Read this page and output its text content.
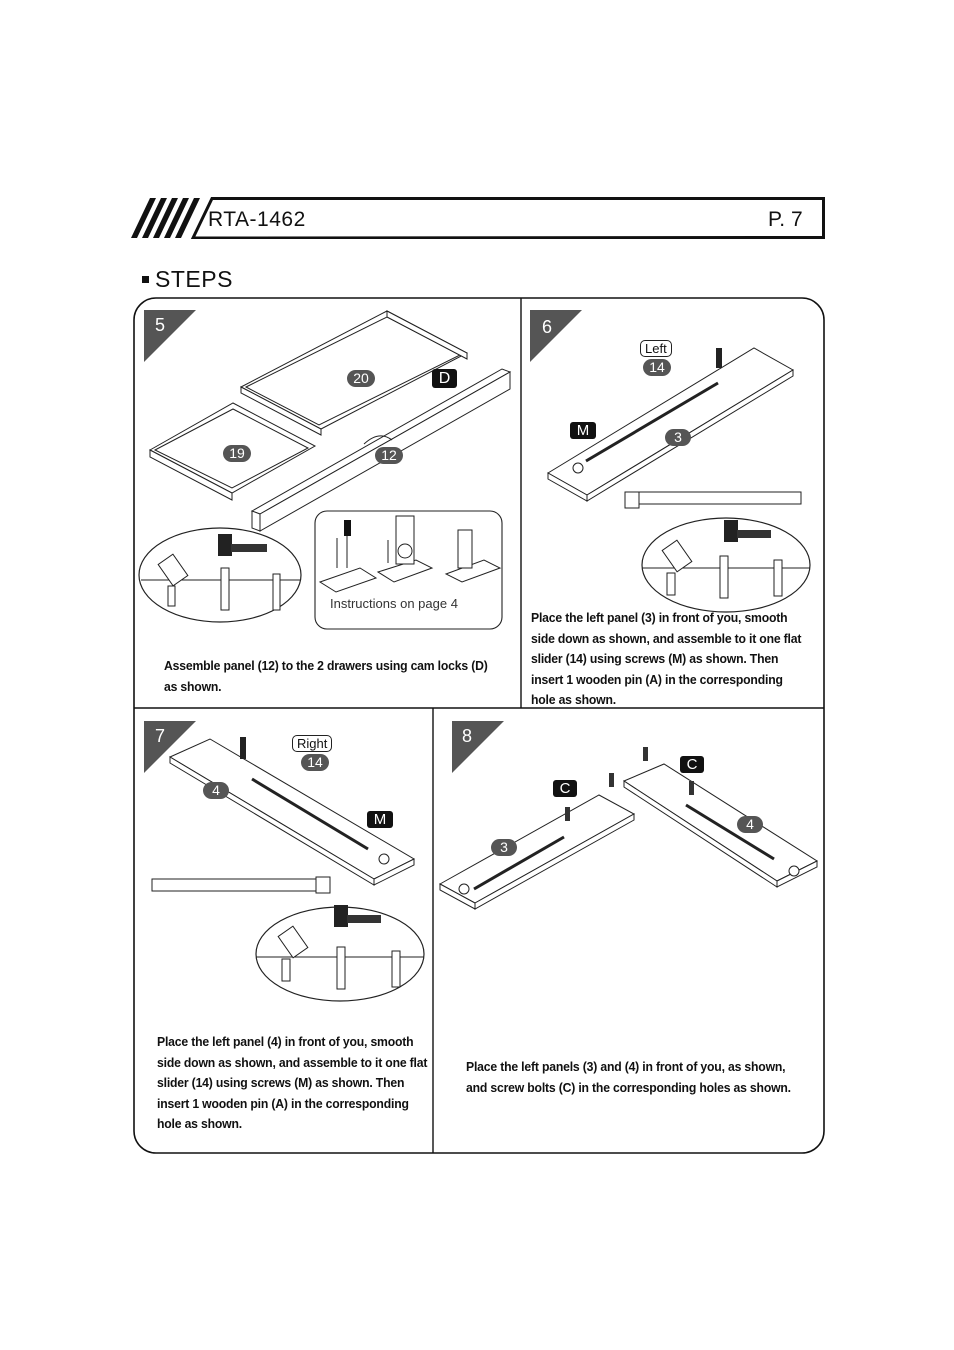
RTA-1462	P. 7
STEPS
5
20	D
19	12
Instructions on page 4
Assemble panel (12) to the 2 drawers using cam locks (D)
as shown.
6
Left
14
M	3
Place the left panel (3) in front of you, smooth
side down as shown, and assemble to it one flat
slider (14) using screws (M) as shown. Then
insert 1 wooden pin (A) in the corresponding
hole as shown.
7	Right
14
4
M
Place the left panel (4) in front of you, smooth
side down as shown, and assemble to it one flat
slider (14) using screws (M) as shown. Then
insert 1 wooden pin (A) in the corresponding
hole as shown.
8
C
C
3
4
Place the left panels (3) and (4) in front of you, as shown,
and screw bolts (C) in the corresponding holes as shown.
